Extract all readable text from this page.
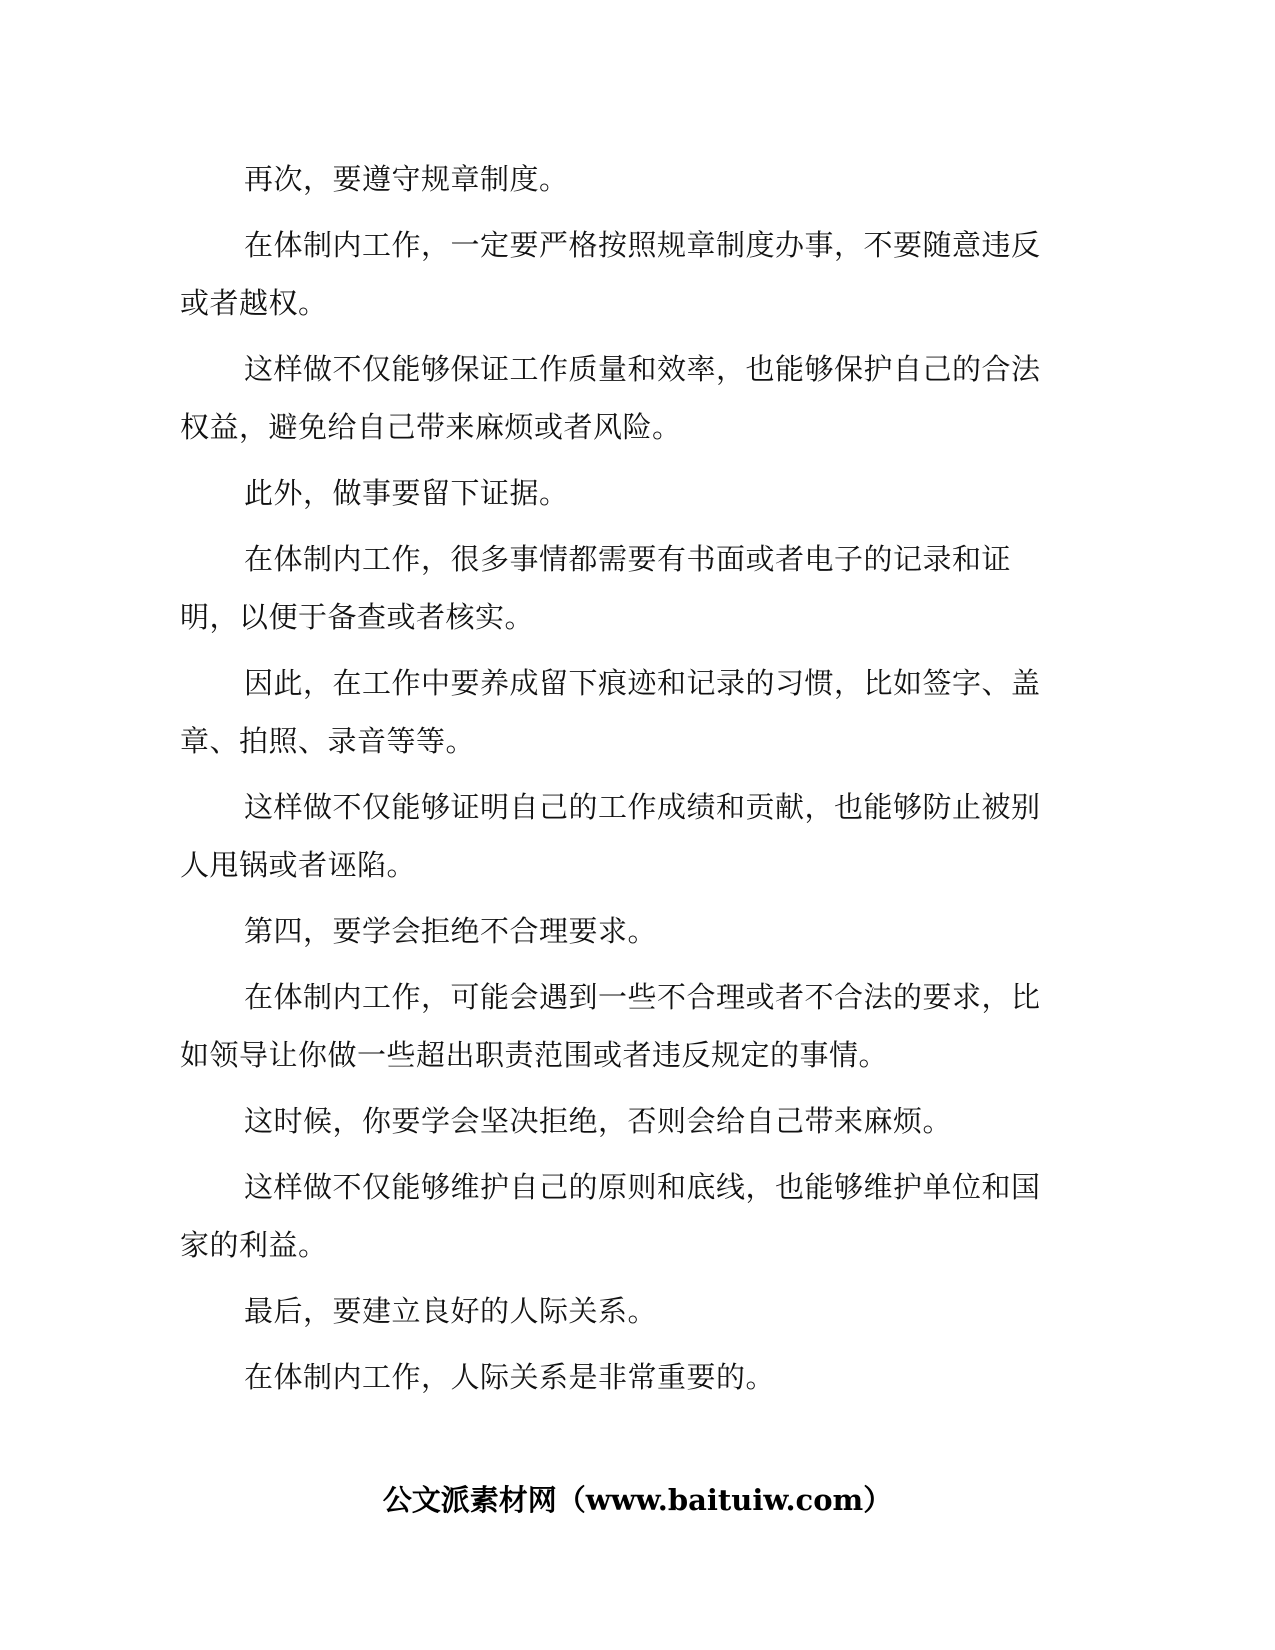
再次，要遵守规章制度。

在体制内工作，一定要严格按照规章制度办事，不要随意违反或者越权。

这样做不仅能够保证工作质量和效率，也能够保护自己的合法权益，避免给自己带来麻烦或者风险。

此外，做事要留下证据。

在体制内工作，很多事情都需要有书面或者电子的记录和证明，以便于备查或者核实。

因此，在工作中要养成留下痕迹和记录的习惯，比如签字、盖章、拍照、录音等等。

这样做不仅能够证明自己的工作成绩和贡献，也能够防止被别人甩锅或者诬陷。

第四，要学会拒绝不合理要求。

在体制内工作，可能会遇到一些不合理或者不合法的要求，比如领导让你做一些超出职责范围或者违反规定的事情。

这时候，你要学会坚决拒绝，否则会给自己带来麻烦。

这样做不仅能够维护自己的原则和底线，也能够维护单位和国家的利益。

最后，要建立良好的人际关系。

在体制内工作，人际关系是非常重要的。

公文派素材网（www.baituiw.com）
